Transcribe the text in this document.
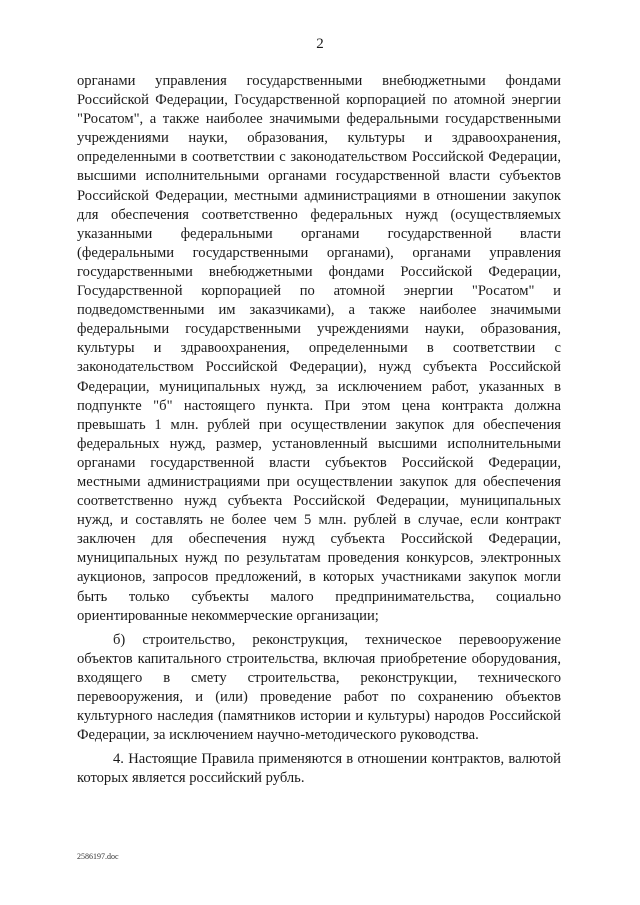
2

органами управления государственными внебюджетными фондами Российской Федерации, Государственной корпорацией по атомной энергии "Росатом", а также наиболее значимыми федеральными государственными учреждениями науки, образования, культуры и здравоохранения, определенными в соответствии с законодательством Российской Федерации, высшими исполнительными органами государственной власти субъектов Российской Федерации, местными администрациями в отношении закупок для обеспечения соответственно федеральных нужд (осуществляемых указанными федеральными органами государственной власти (федеральными государственными органами), органами управления государственными внебюджетными фондами Российской Федерации, Государственной корпорацией по атомной энергии "Росатом" и подведомственными им заказчиками), а также наиболее значимыми федеральными государственными учреждениями науки, образования, культуры и здравоохранения, определенными в соответствии с законодательством Российской Федерации), нужд субъекта Российской Федерации, муниципальных нужд, за исключением работ, указанных в подпункте "б" настоящего пункта. При этом цена контракта должна превышать 1 млн. рублей при осуществлении закупок для обеспечения федеральных нужд, размер, установленный высшими исполнительными органами государственной власти субъектов Российской Федерации, местными администрациями при осуществлении закупок для обеспечения соответственно нужд субъекта Российской Федерации, муниципальных нужд, и составлять не более чем 5 млн. рублей в случае, если контракт заключен для обеспечения нужд субъекта Российской Федерации, муниципальных нужд по результатам проведения конкурсов, электронных аукционов, запросов предложений, в которых участниками закупок могли быть только субъекты малого предпринимательства, социально ориентированные некоммерческие организации;

б) строительство, реконструкция, техническое перевооружение объектов капитального строительства, включая приобретение оборудования, входящего в смету строительства, реконструкции, технического перевооружения, и (или) проведение работ по сохранению объектов культурного наследия (памятников истории и культуры) народов Российской Федерации, за исключением научно-методического руководства.

4. Настоящие Правила применяются в отношении контрактов, валютой которых является российский рубль.

2586197.doc
